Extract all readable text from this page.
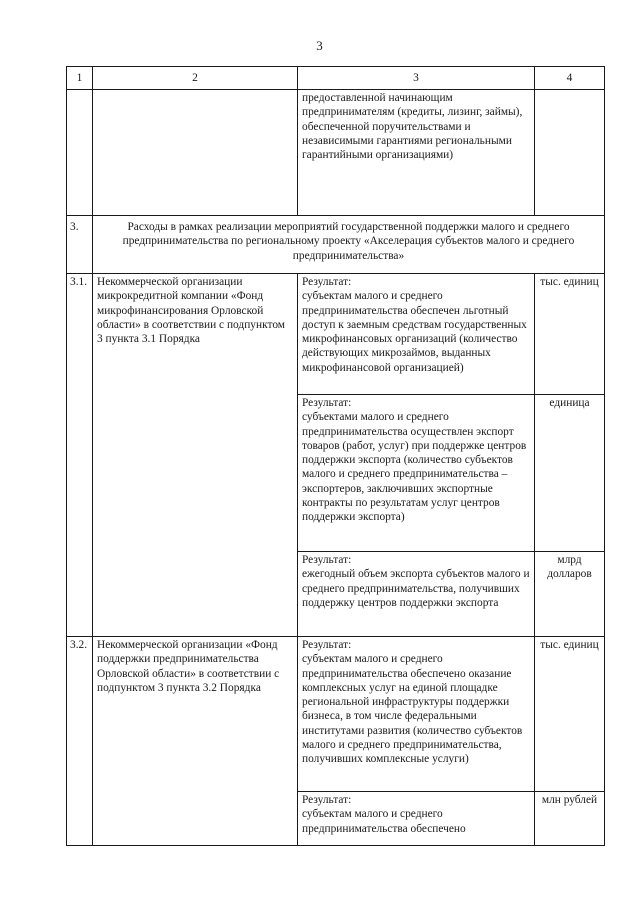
3
1	2	3	4
		предоставленной начинающим предпринимателям (кредиты, лизинг, займы), обеспеченной поручительствами и независимыми гарантиями региональными гарантийными организациями)	
3.	Расходы в рамках реализации мероприятий государственной поддержки малого и среднего предпринимательства по региональному проекту «Акселерация субъектов малого и среднего предпринимательства»		
3.1.	Некоммерческой организации микрокредитной компании «Фонд микрофинансирования Орловской области» в соответствии с подпунктом 3 пункта 3.1 Порядка	Результат:
субъектам малого и среднего предпринимательства обеспечен льготный доступ к заемным средствам государственных микрофинансовых организаций (количество действующих микрозаймов, выданных микрофинансовой организацией)	тыс. единиц
		Результат:
субъектами малого и среднего предпринимательства осуществлен экспорт товаров (работ, услуг) при поддержке центров поддержки экспорта (количество субъектов малого и среднего предпринимательства – экспортеров, заключивших экспортные контракты по результатам услуг центров поддержки экспорта)	единица
		Результат:
ежегодный объем экспорта субъектов малого и среднего предпринимательства, получивших поддержку центров поддержки экспорта	млрд долларов
3.2.	Некоммерческой организации «Фонд поддержки предпринимательства Орловской области» в соответствии с подпунктом 3 пункта 3.2 Порядка	Результат:
субъектам малого и среднего предпринимательства обеспечено оказание комплексных услуг на единой площадке региональной инфраструктуры поддержки бизнеса, в том числе федеральными институтами развития (количество субъектов малого и среднего предпринимательства, получивших комплексные услуги)	тыс. единиц
		Результат:
субъектам малого и среднего предпринимательства обеспечено	млн рублей
